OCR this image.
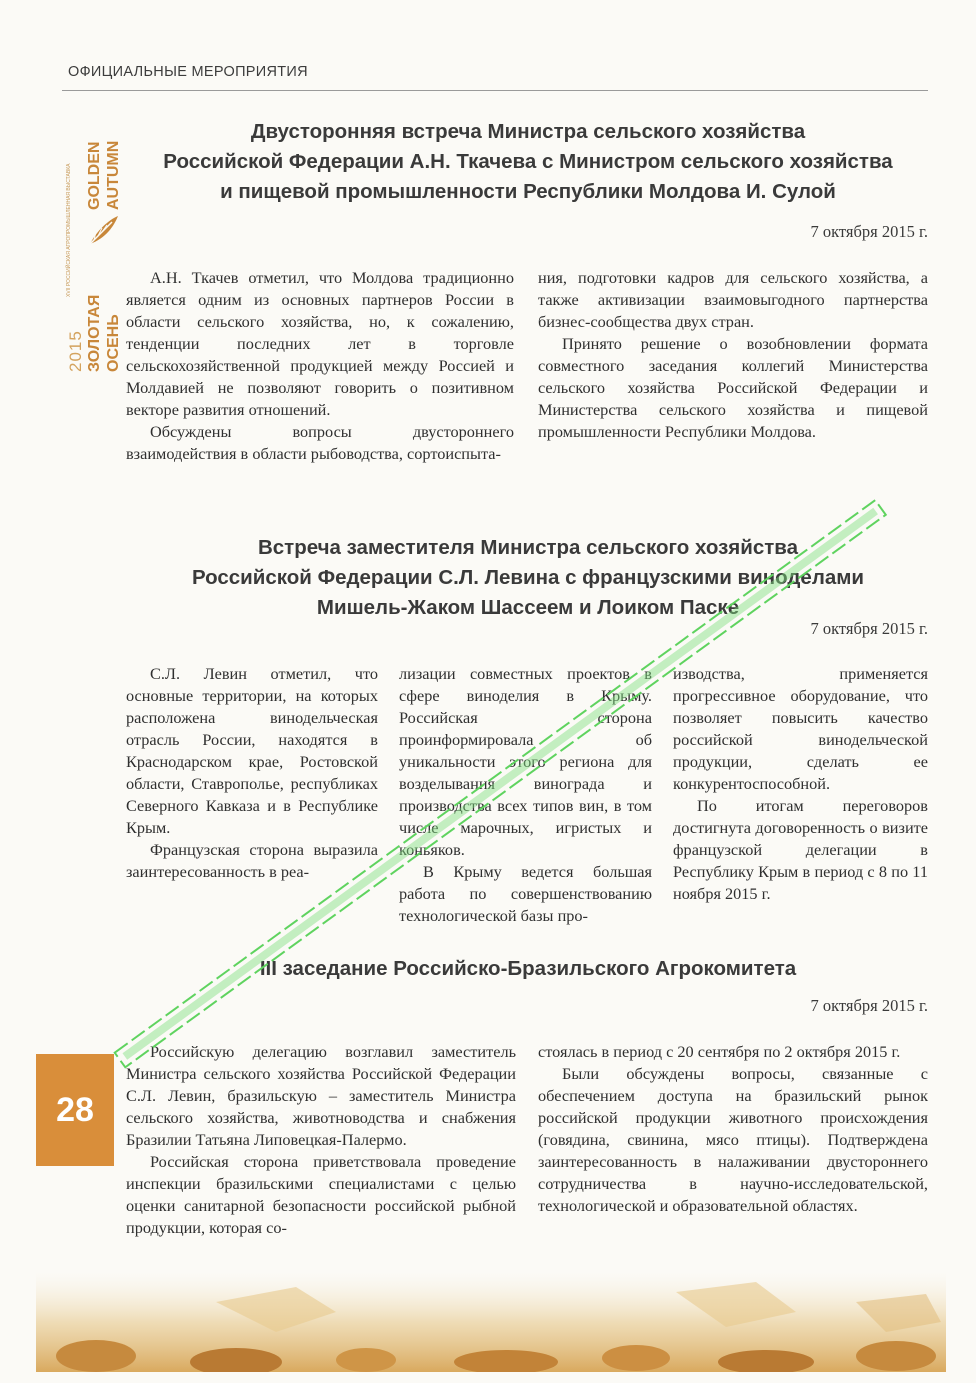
ОФИЦИАЛЬНЫЕ МЕРОПРИЯТИЯ
2015
XVII РОССИЙСКАЯ АГРОПРОМЫШЛЕННАЯ ВЫСТАВКА
ЗОЛОТАЯ ОСЕНЬ
GOLDEN AUTUMN
Двусторонняя встреча Министра сельского хозяйства
Российской Федерации А.Н. Ткачева с Министром сельского хозяйства
и пищевой промышленности Республики Молдова И. Сулой
7 октября 2015 г.

А.Н. Ткачев отметил, что Молдова традиционно является одним из основных партнеров России в области сельского хозяйства, но, к сожалению, тенденции последних лет в торговле сельскохозяйственной продукцией между Россией и Молдавией не позволяют говорить о позитивном векторе развития отношений.

Обсуждены вопросы двустороннего взаимодействия в области рыбоводства, сортоиспыта-

ния, подготовки кадров для сельского хозяйства, а также активизации взаимовыгодного партнерства бизнес-сообщества двух стран.

Принято решение о возобновлении формата совместного заседания коллегий Министерства сельского хозяйства Российской Федерации и Министерства сельского хозяйства и пищевой промышленности Республики Молдова.

Встреча заместителя Министра сельского хозяйства
Российской Федерации С.Л. Левина с французскими виноделами
Мишель-Жаком Шассеем и Лоиком Паске
7 октября 2015 г.

С.Л. Левин отметил, что основные территории, на которых расположена винодельческая отрасль России, находятся в Краснодарском крае, Ростовской области, Ставрополье, республиках Северного Кавказа и в Республике Крым.

Французская сторона выразила заинтересованность в реа-

лизации совместных проектов в сфере виноделия в Крыму. Российская сторона проинформировала об уникальности этого региона для возделывания винограда и производства всех типов вин, в том числе марочных, игристых и коньяков.

В Крыму ведется большая работа по совершенствованию технологической базы про-

изводства, применяется прогрессивное оборудование, что позволяет повысить качество российской винодельческой продукции, сделать ее конкурентоспособной.

По итогам переговоров достигнута договоренность о визите французской делегации в Республику Крым в период с 8 по 11 ноября 2015 г.

III заседание Российско-Бразильского Агрокомитета
7 октября 2015 г.

Российскую делегацию возглавил заместитель Министра сельского хозяйства Российской Федерации С.Л. Левин, бразильскую – заместитель Министра сельского хозяйства, животноводства и снабжения Бразилии Татьяна Липовецкая-Палермо.

Российская сторона приветствовала проведение инспекции бразильскими специалистами с целью оценки санитарной безопасности российской рыбной продукции, которая со-

стоялась в период с 20 сентября по 2 октября 2015 г.

Были обсуждены вопросы, связанные с обеспечением доступа на бразильский рынок российской продукции животного происхождения (говядина, свинина, мясо птицы). Подтверждена заинтересованность в налаживании двустороннего сотрудничества в научно-исследовательской, технологической и образовательной областях.

28
